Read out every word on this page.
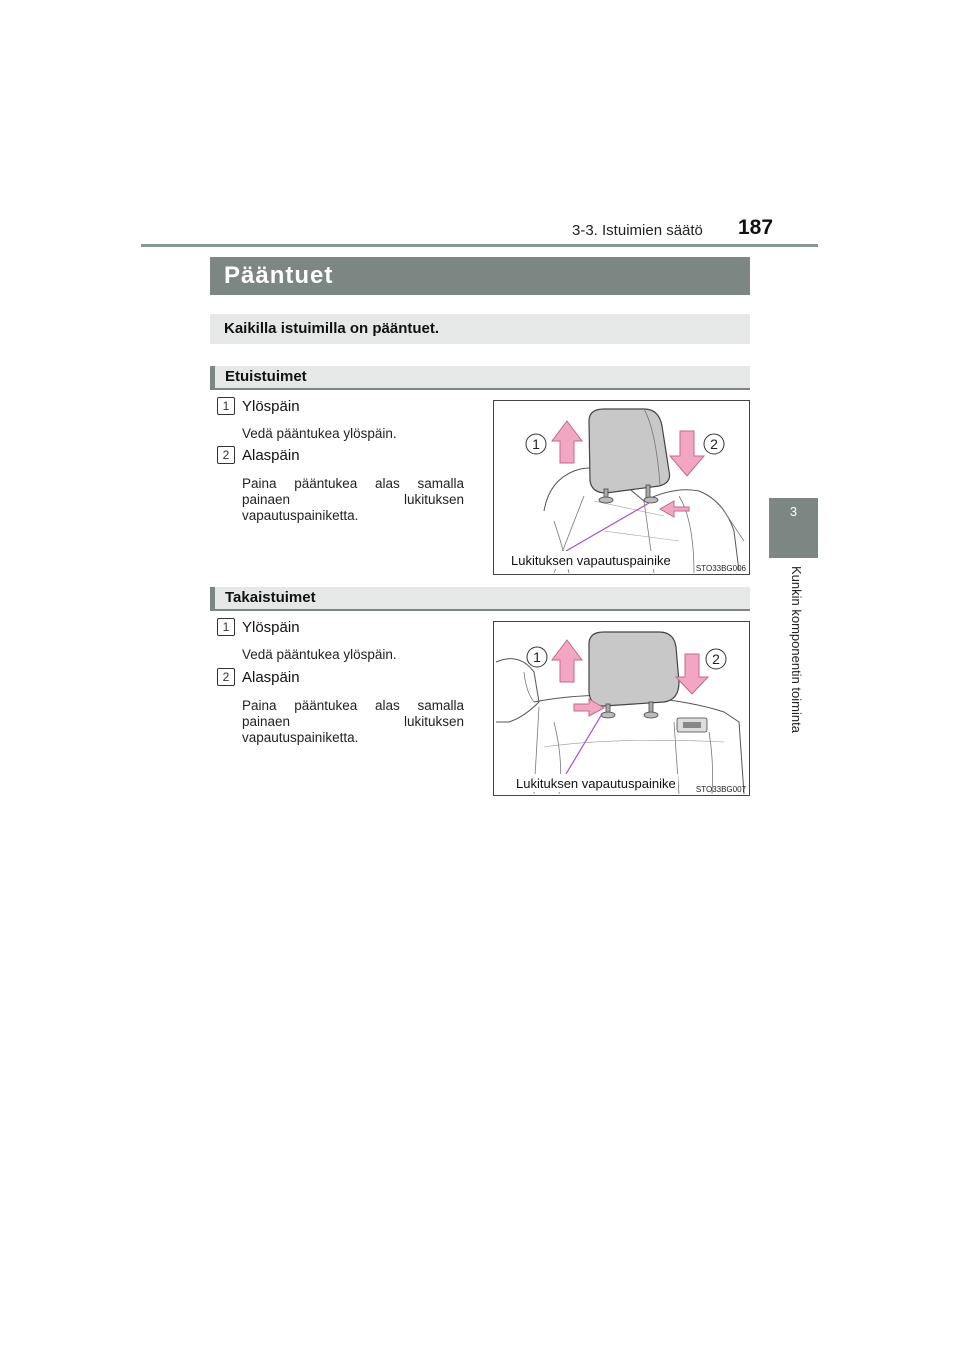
3-3. Istuimien säätö 187
3
Kunkin komponentin toiminta
Pääntuet
Kaikilla istuimilla on pääntuet.
Etuistuimet
1 Ylöspäin
Vedä pääntukea ylöspäin.
2 Alaspäin
Paina pääntukea alas samalla painaen lukituksen vapautuspainiketta.
1	2
Lukituksen vapautuspainike
STO33BG006
Takaistuimet
1 Ylöspäin
Vedä pääntukea ylöspäin.
2 Alaspäin
Paina pääntukea alas samalla painaen lukituksen vapautuspainiketta.
1	2
Lukituksen vapautuspainike	STO33BG007
